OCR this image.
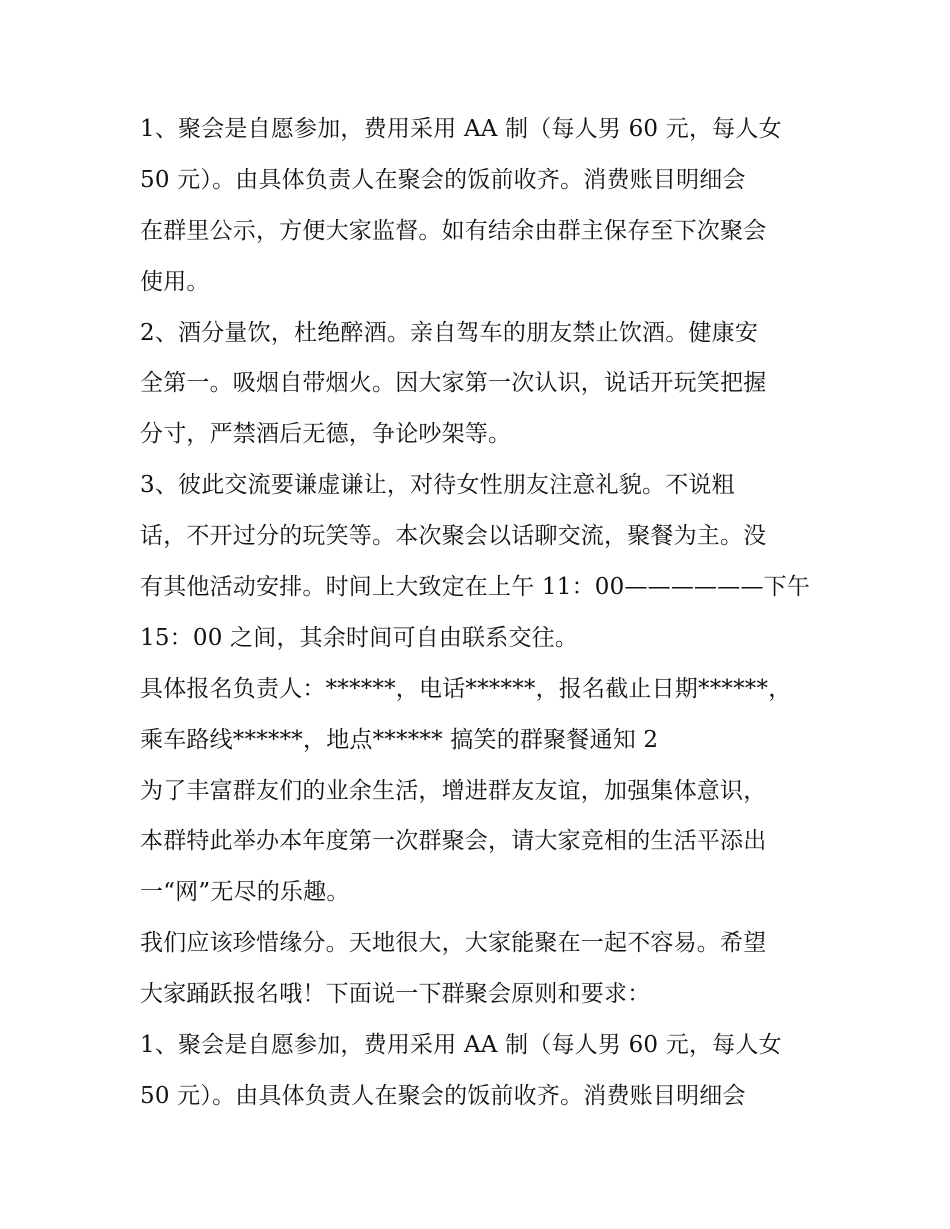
1、聚会是自愿参加，费用采用 AA 制（每人男 60 元，每人女
50 元）。由具体负责人在聚会的饭前收齐。消费账目明细会
在群里公示，方便大家监督。如有结余由群主保存至下次聚会
使用。
2、酒分量饮，杜绝醉酒。亲自驾车的朋友禁止饮酒。健康安
全第一。吸烟自带烟火。因大家第一次认识，说话开玩笑把握
分寸，严禁酒后无德，争论吵架等。
3、彼此交流要谦虚谦让，对待女性朋友注意礼貌。不说粗
话，不开过分的玩笑等。本次聚会以话聊交流，聚餐为主。没
有其他活动安排。时间上大致定在上午 11：00——————下午
15：00 之间，其余时间可自由联系交往。
具体报名负责人：******，电话******，报名截止日期******，
乘车路线******，地点****** 搞笑的群聚餐通知 2
为了丰富群友们的业余生活，增进群友友谊，加强集体意识，
本群特此举办本年度第一次群聚会，请大家竞相的生活平添出
一“网”无尽的乐趣。
我们应该珍惜缘分。天地很大，大家能聚在一起不容易。希望
大家踊跃报名哦！下面说一下群聚会原则和要求：
1、聚会是自愿参加，费用采用 AA 制（每人男 60 元，每人女
50 元）。由具体负责人在聚会的饭前收齐。消费账目明细会
